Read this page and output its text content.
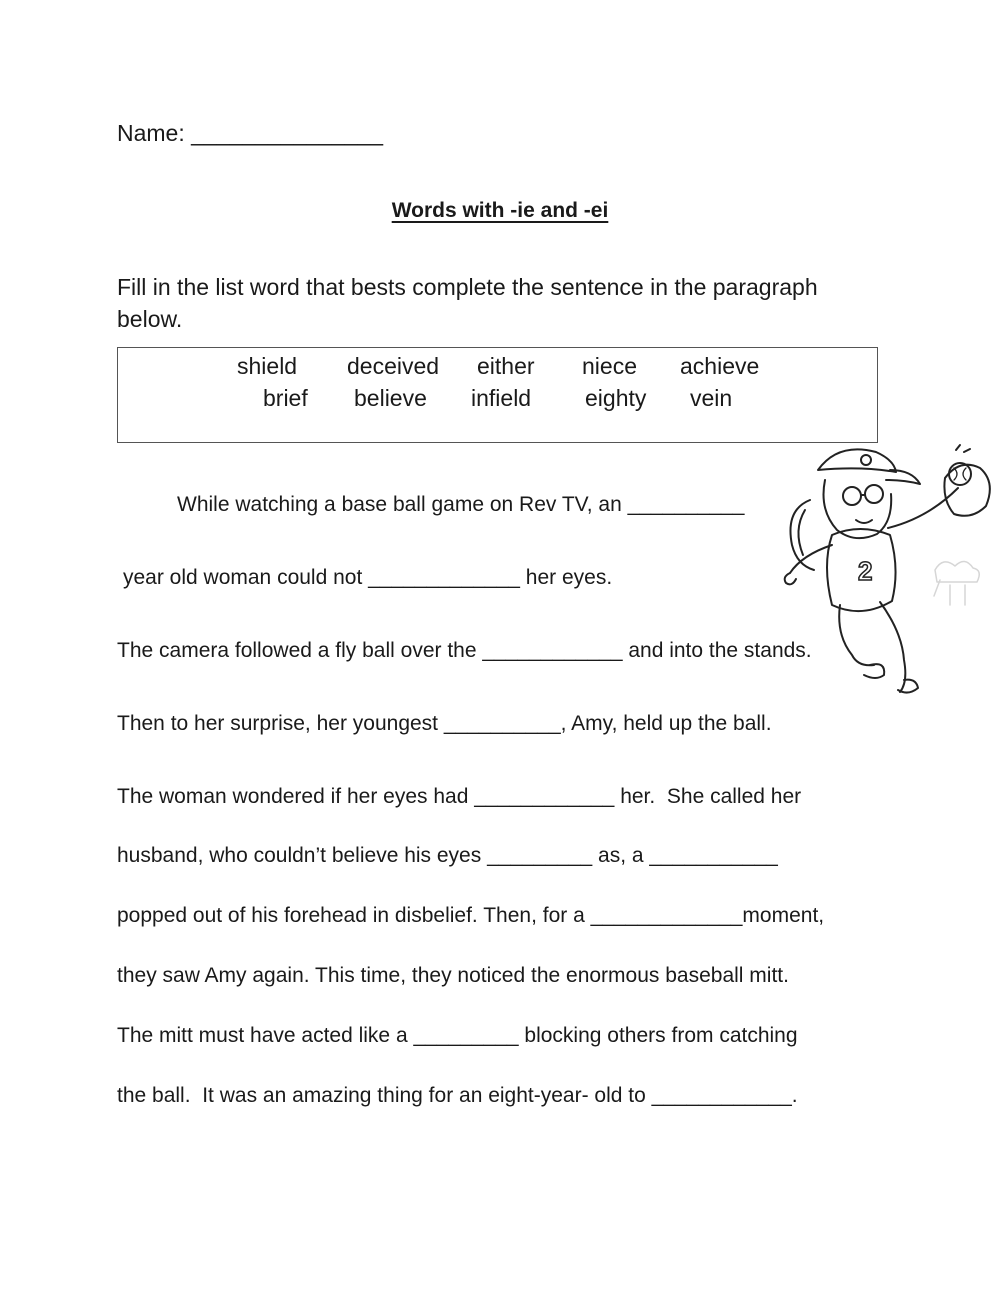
Name: _______________
Words with -ie and -ei
Fill in the list word that bests complete the sentence in the paragraph
below.
shield deceived either niece achieve
brief believe infield eighty vein
While watching a base ball game on Rev TV, an __________
year old woman could not _____________ her eyes.
The camera followed a fly ball over the ____________ and into the stands.
Then to her surprise, her youngest __________, Amy, held up the ball.
The woman wondered if her eyes had ____________ her.  She called her
husband, who couldn’t believe his eyes _________ as, a ___________
popped out of his forehead in disbelief. Then, for a _____________moment,
they saw Amy again. This time, they noticed the enormous baseball mitt.
The mitt must have acted like a _________ blocking others from catching
the ball.  It was an amazing thing for an eight-year- old to ____________.
2
